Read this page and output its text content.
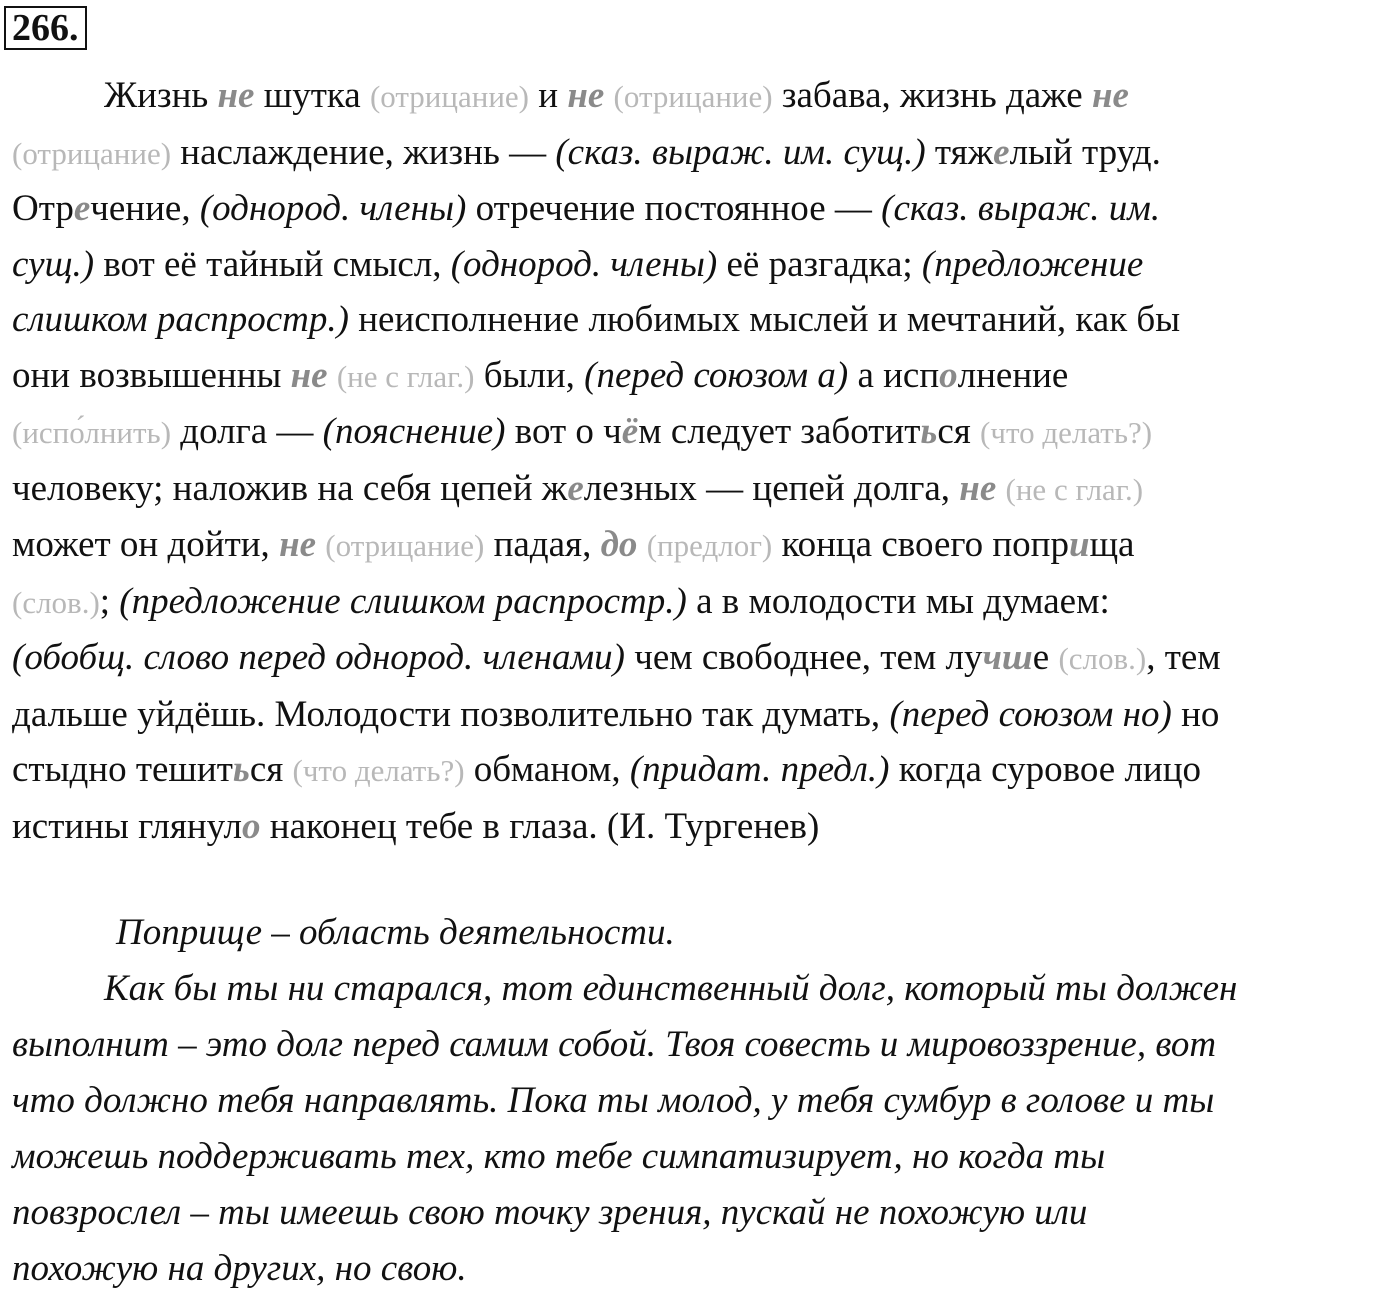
266.
Жизнь не шутка (отрицание) и не (отрицание) забава, жизнь даже не
(отрицание) наслаждение, жизнь — (сказ. выраж. им. сущ.) тяжелый труд.
Отречение, (однород. члены) отречение постоянное — (сказ. выраж. им.
сущ.) вот её тайный смысл, (однород. члены) её разгадка; (предложение
слишком распростр.) неисполнение любимых мыслей и мечтаний, как бы
они возвышенны не (не с глаг.) были, (перед союзом а) а исполнение
(испо́лнить) долга — (пояснение) вот о чём следует заботиться (что делать?)
человеку; наложив на себя цепей железных — цепей долга, не (не с глаг.)
может он дойти, не (отрицание) падая, до (предлог) конца своего поприща
(слов.); (предложение слишком распростр.) а в молодости мы думаем:
(обобщ. слово перед однород. членами) чем свободнее, тем лучше (слов.), тем
дальше уйдёшь. Молодости позволительно так думать, (перед союзом но) но
стыдно тешиться (что делать?) обманом, (придат. предл.) когда суровое лицо
истины глянуло наконец тебе в глаза. (И. Тургенев)
Поприще – область деятельности.
Как бы ты ни старался, тот единственный долг, который ты должен
выполнит – это долг перед самим собой. Твоя совесть и мировоззрение, вот
что должно тебя направлять. Пока ты молод, у тебя сумбур в голове и ты
можешь поддерживать тех, кто тебе симпатизирует, но когда ты
повзрослел – ты имеешь свою точку зрения, пускай не похожую или
похожую на других, но свою.
